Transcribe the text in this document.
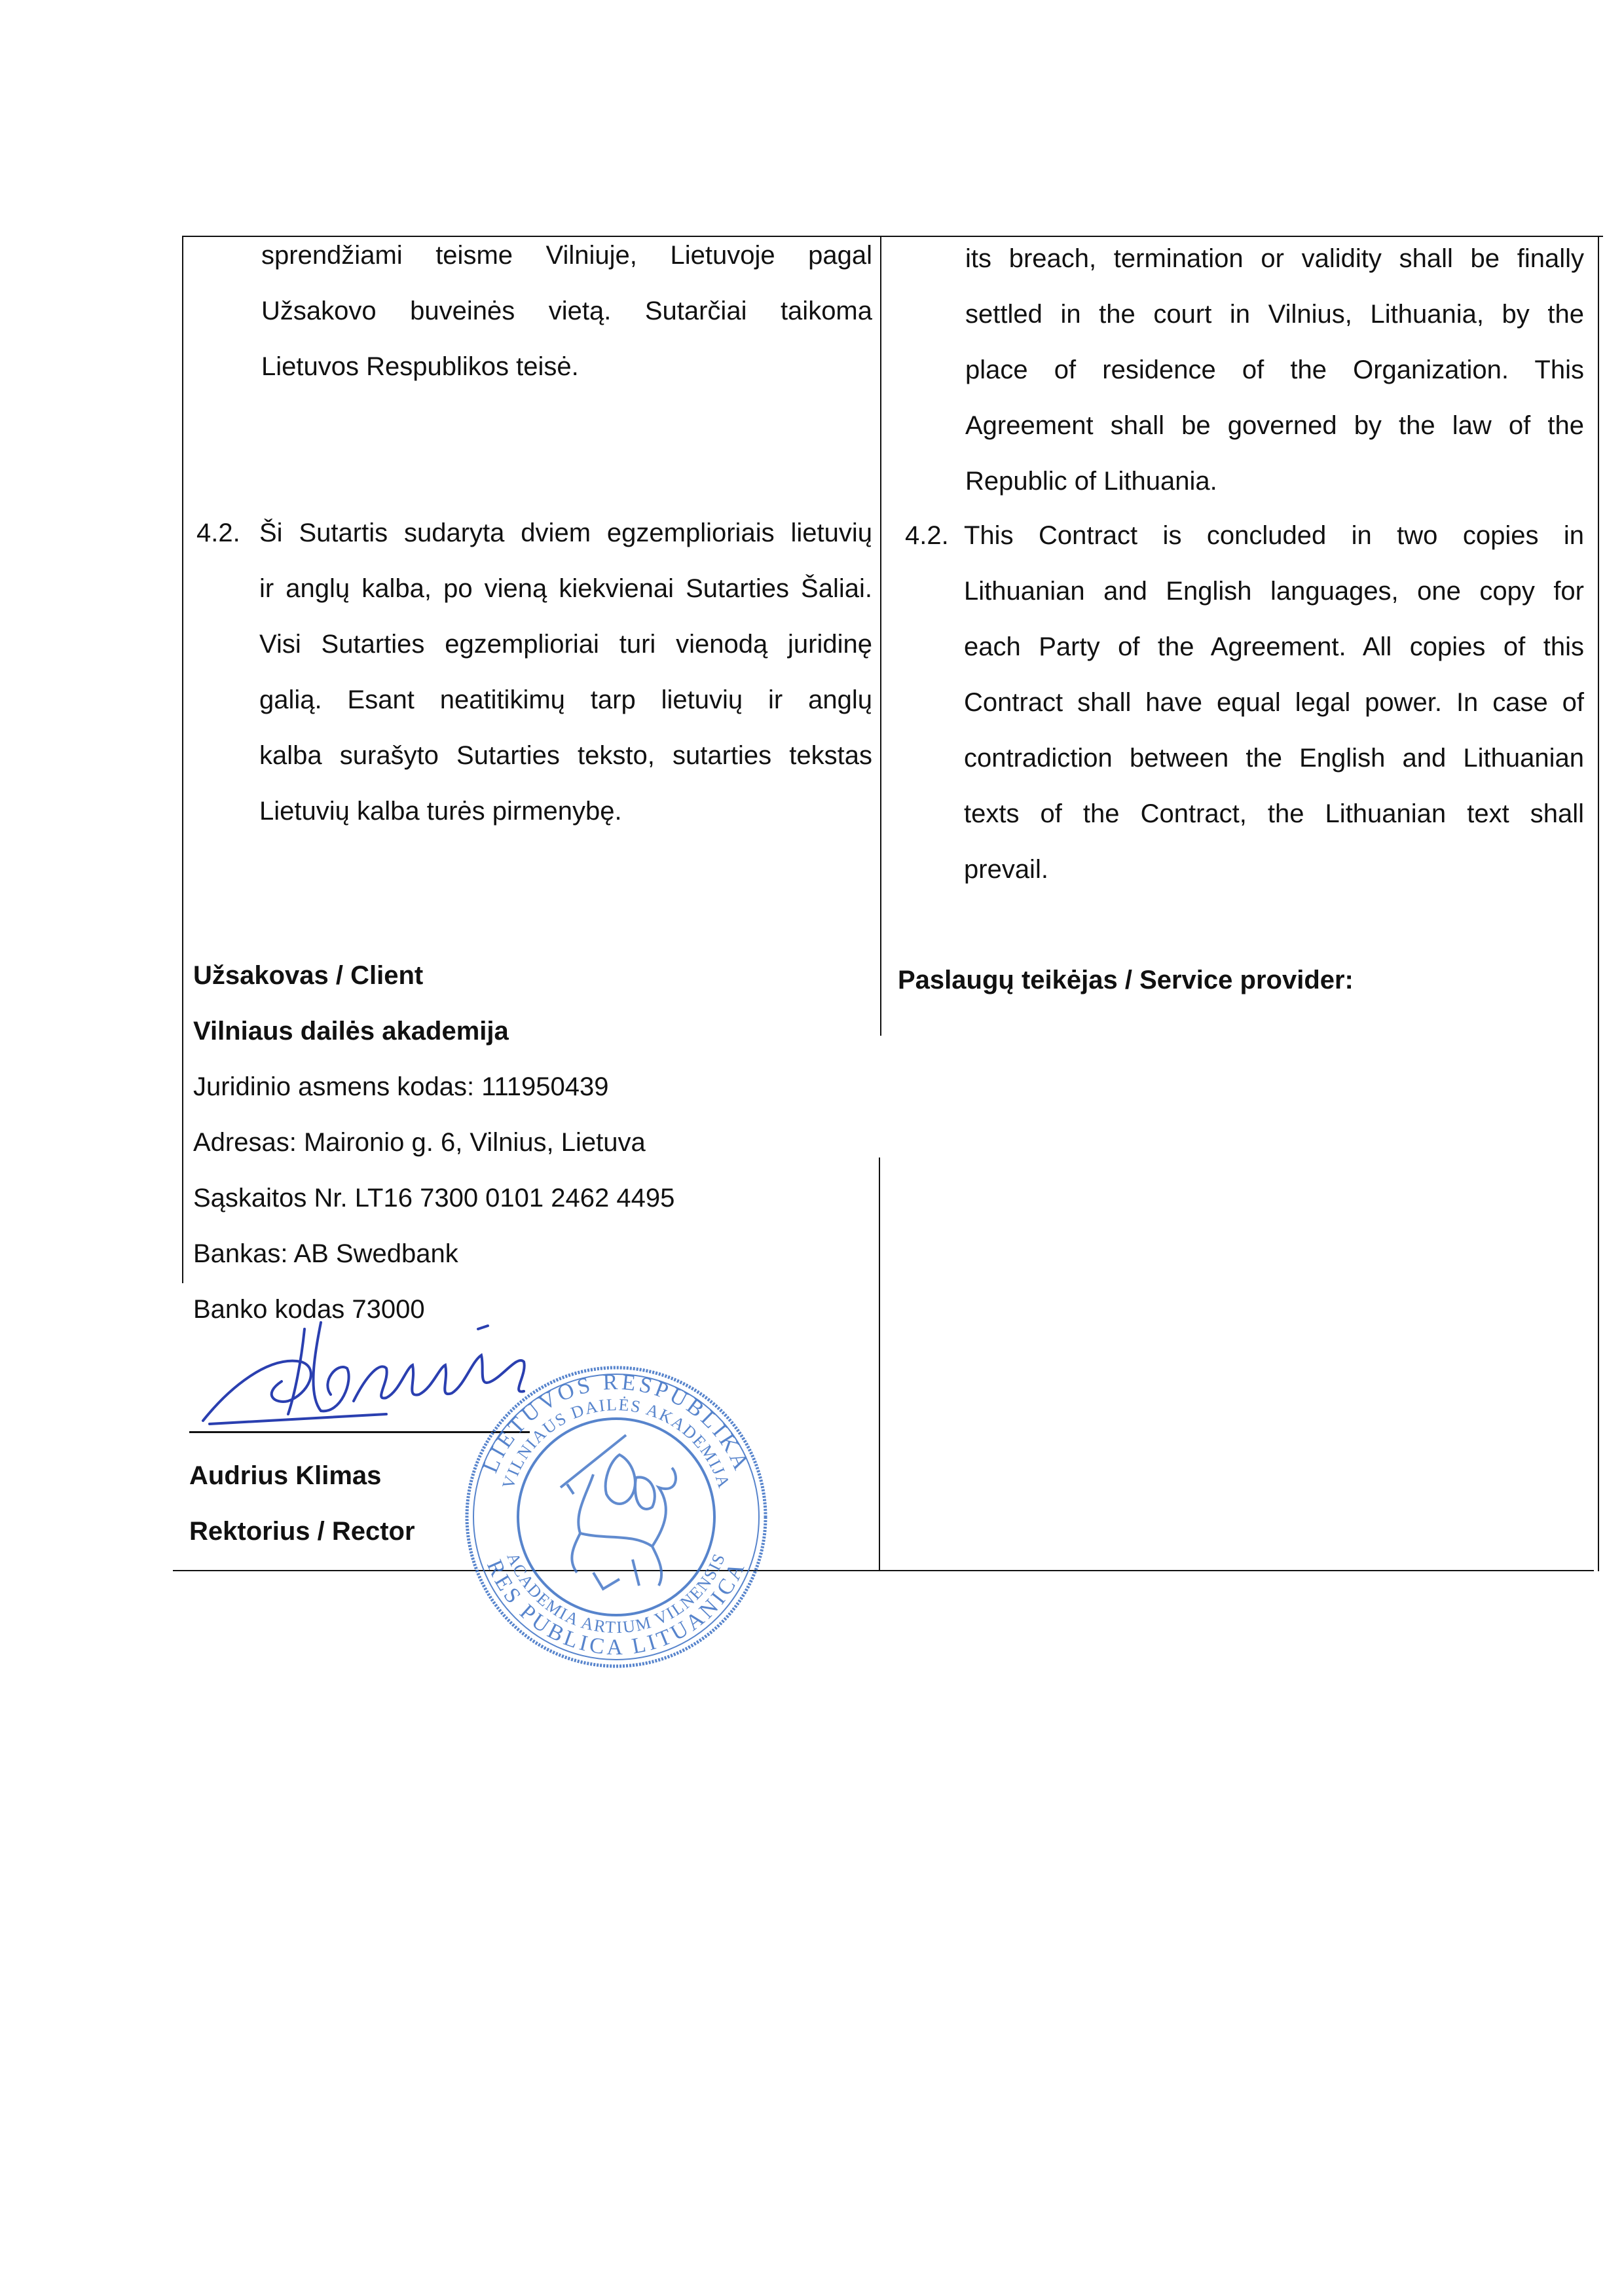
sprendžiami teisme Vilniuje, Lietuvoje pagal
Užsakovo buveinės vietą. Sutarčiai taikoma
Lietuvos Respublikos teisė.
4.2. Ši Sutartis sudaryta dviem egzemplioriais lietuvių
ir anglų kalba, po vieną kiekvienai Sutarties Šaliai.
Visi Sutarties egzemplioriai turi vienodą juridinę
galią. Esant neatitikimų tarp lietuvių ir anglų
kalba surašyto Sutarties teksto, sutarties tekstas
Lietuvių kalba turės pirmenybę.
its breach, termination or validity shall be finally
settled in the court in Vilnius, Lithuania, by the
place of residence of the Organization. This
Agreement shall be governed by the law of the
Republic of Lithuania.
4.2. This Contract is concluded in two copies in
Lithuanian and English languages, one copy for
each Party of the Agreement. All copies of this
Contract shall have equal legal power. In case of
contradiction between the English and Lithuanian
texts of the Contract, the Lithuanian text shall
prevail.
Užsakovas / Client
Vilniaus dailės akademija
Juridinio asmens kodas: 111950439
Adresas: Maironio g. 6, Vilnius, Lietuva
Sąskaitos Nr. LT16 7300 0101 2462 4495
Bankas: AB Swedbank
Banko kodas 73000
Paslaugų teikėjas / Service provider:
Audrius Klimas
Rektorius / Rector
LIETUVOS RESPUBLIKA
RES PUBLICA LITUANICA
VILNIAUS DAILĖS AKADEMIJA
ACADEMIA ARTIUM VILNENSIS
